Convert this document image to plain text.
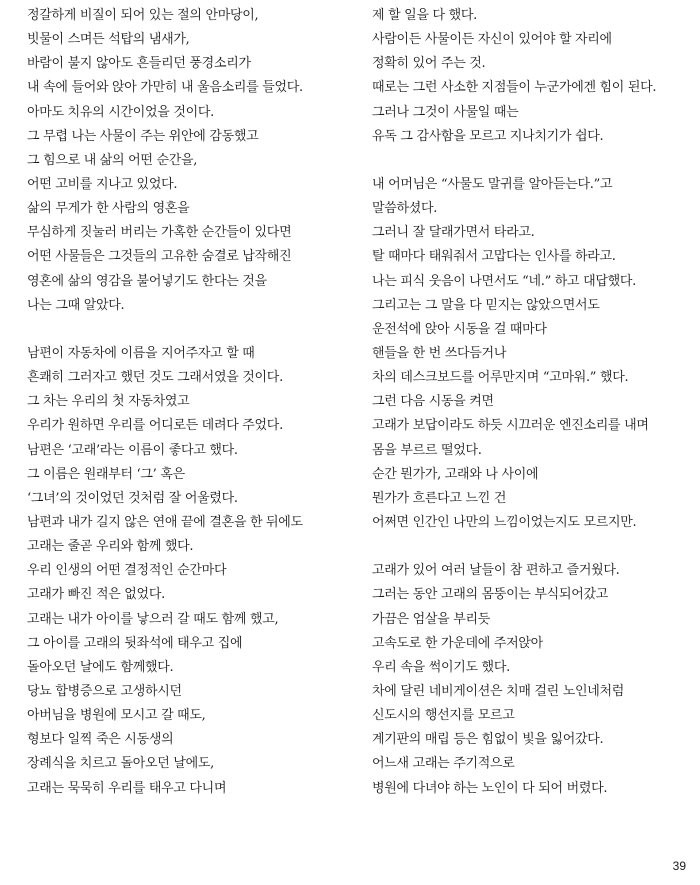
정갈하게 비질이 되어 있는 절의 안마당이,
빗물이 스며든 석탑의 냄새가,
바람이 불지 않아도 흔들리던 풍경소리가
내 속에 들어와 앉아 가만히 내 울음소리를 들었다.
아마도 치유의 시간이었을 것이다.
그 무렵 나는 사물이 주는 위안에 감동했고
그 힘으로 내 삶의 어떤 순간을,
어떤 고비를 지나고 있었다.
삶의 무게가 한 사람의 영혼을
무심하게 짓눌러 버리는 가혹한 순간들이 있다면
어떤 사물들은 그것들의 고유한 숨결로 납작해진
영혼에 삶의 영감을 불어넣기도 한다는 것을
나는 그때 알았다.
남편이 자동차에 이름을 지어주자고 할 때
흔쾌히 그러자고 했던 것도 그래서였을 것이다.
그 차는 우리의 첫 자동차였고
우리가 원하면 우리를 어디로든 데려다 주었다.
남편은 ‘고래’라는 이름이 좋다고 했다.
그 이름은 원래부터 ‘그’ 혹은
‘그녀’의 것이었던 것처럼 잘 어울렸다.
남편과 내가 길지 않은 연애 끝에 결혼을 한 뒤에도
고래는 줄곧 우리와 함께 했다.
우리 인생의 어떤 결정적인 순간마다
고래가 빠진 적은 없었다.
고래는 내가 아이를 낳으러 갈 때도 함께 했고,
그 아이를 고래의 뒷좌석에 태우고 집에
돌아오던 날에도 함께했다.
당뇨 합병증으로 고생하시던
아버님을 병원에 모시고 갈 때도,
형보다 일찍 죽은 시동생의
장례식을 치르고 돌아오던 날에도,
고래는 묵묵히 우리를 태우고 다니며
제 할 일을 다 했다.
사람이든 사물이든 자신이 있어야 할 자리에
정확히 있어 주는 것.
때로는 그런 사소한 지점들이 누군가에겐 힘이 된다.
그러나 그것이 사물일 때는
유독 그 감사함을 모르고 지나치기가 쉽다.
내 어머님은 “사물도 말귀를 알아듣는다.”고
말씀하셨다.
그러니 잘 달래가면서 타라고.
탈 때마다 태워줘서 고맙다는 인사를 하라고.
나는 피식 웃음이 나면서도 “네.” 하고 대답했다.
그리고는 그 말을 다 믿지는 않았으면서도
운전석에 앉아 시동을 걸 때마다
핸들을 한 번 쓰다듬거나
차의 데스크보드를 어루만지며 “고마워.” 했다.
그런 다음 시동을 켜면
고래가 보답이라도 하듯 시끄러운 엔진소리를 내며
몸을 부르르 떨었다.
순간 뭔가가, 고래와 나 사이에
뭔가가 흐른다고 느낀 건
어쩌면 인간인 나만의 느낌이었는지도 모르지만.
고래가 있어 여러 날들이 참 편하고 즐거웠다.
그러는 동안 고래의 몸뚱이는 부식되어갔고
가끔은 엄살을 부리듯
고속도로 한 가운데에 주저앉아
우리 속을 썩이기도 했다.
차에 달린 네비게이션은 치매 걸린 노인네처럼
신도시의 행선지를 모르고
계기판의 매립 등은 힘없이 빛을 잃어갔다.
어느새 고래는 주기적으로
병원에 다녀야 하는 노인이 다 되어 버렸다.
39
